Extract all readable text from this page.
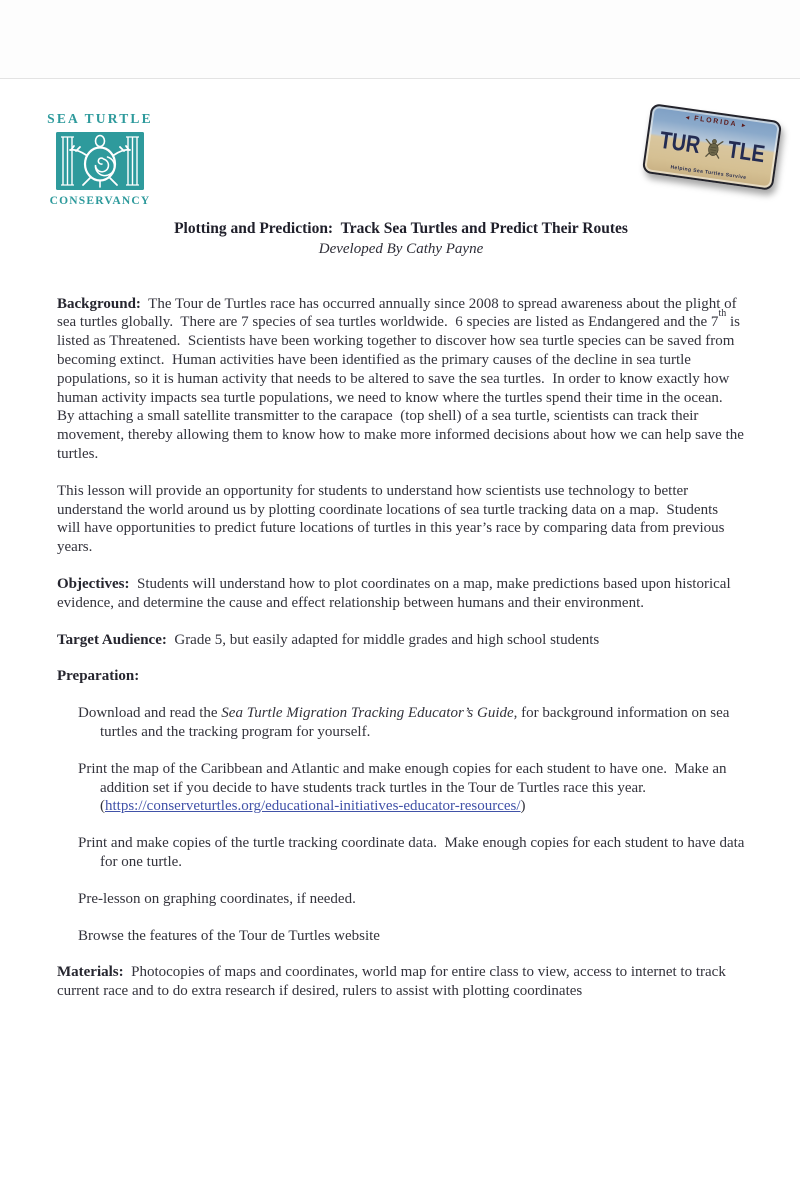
SEA TURTLE
CONSERVANCY
◄ FLORIDA ►
TUR TLE
Helping Sea Turtles Survive
Plotting and Prediction:  Track Sea Turtles and Predict Their Routes
Developed By Cathy Payne

Background:  The Tour de Turtles race has occurred annually since 2008 to spread awareness about the plight of sea turtles globally.  There are 7 species of sea turtles worldwide.  6 species are listed as Endangered and the 7th is listed as Threatened.  Scientists have been working together to discover how sea turtle species can be saved from becoming extinct.  Human activities have been identified as the primary causes of the decline in sea turtle populations, so it is human activity that needs to be altered to save the sea turtles.  In order to know exactly how human activity impacts sea turtle populations, we need to know where the turtles spend their time in the ocean.  By attaching a small satellite transmitter to the carapace  (top shell) of a sea turtle, scientists can track their movement, thereby allowing them to know how to make more informed decisions about how we can help save the turtles.

This lesson will provide an opportunity for students to understand how scientists use technology to better understand the world around us by plotting coordinate locations of sea turtle tracking data on a map.  Students will have opportunities to predict future locations of turtles in this year’s race by comparing data from previous years.

Objectives:  Students will understand how to plot coordinates on a map, make predictions based upon historical evidence, and determine the cause and effect relationship between humans and their environment.

Target Audience:  Grade 5, but easily adapted for middle grades and high school students

Preparation:

Download and read the Sea Turtle Migration Tracking Educator’s Guide, for background information on sea turtles and the tracking program for yourself.
Print the map of the Caribbean and Atlantic and make enough copies for each student to have one.  Make an addition set if you decide to have students track turtles in the Tour de Turtles race this year. (https://conserveturtles.org/educational-initiatives-educator-resources/)
Print and make copies of the turtle tracking coordinate data.  Make enough copies for each student to have data for one turtle.
Pre-lesson on graphing coordinates, if needed.
Browse the features of the Tour de Turtles website

Materials:  Photocopies of maps and coordinates, world map for entire class to view, access to internet to track current race and to do extra research if desired, rulers to assist with plotting coordinates
